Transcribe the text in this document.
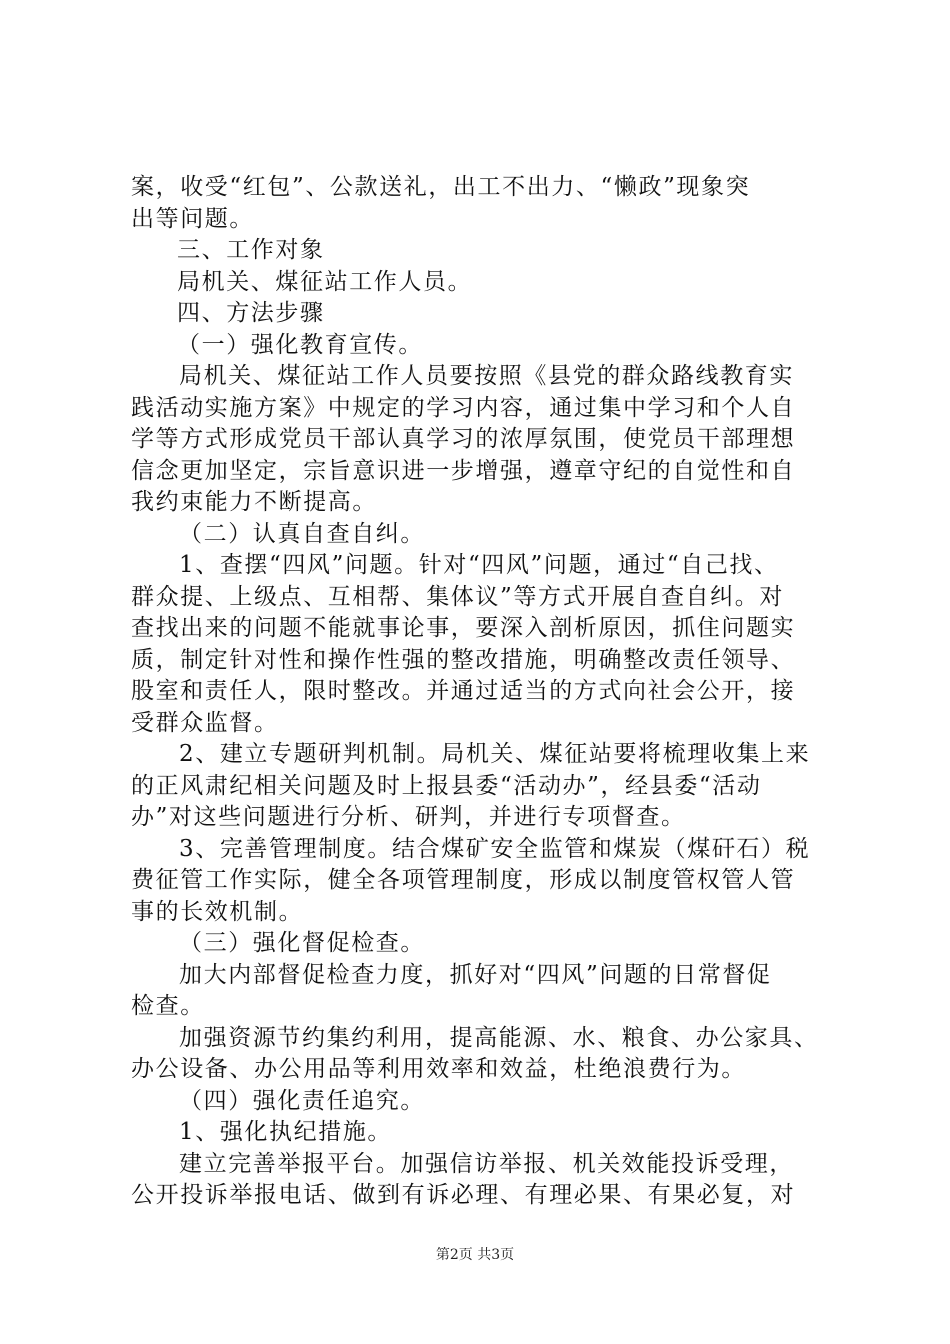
案，收受“红包”、公款送礼，出工不出力、“懒政”现象突
出等问题。
三、工作对象
局机关、煤征站工作人员。
四、方法步骤
（一）强化教育宣传。
局机关、煤征站工作人员要按照《县党的群众路线教育实
践活动实施方案》中规定的学习内容，通过集中学习和个人自
学等方式形成党员干部认真学习的浓厚氛围，使党员干部理想
信念更加坚定，宗旨意识进一步增强，遵章守纪的自觉性和自
我约束能力不断提高。
（二）认真自查自纠。
1、查摆“四风”问题。针对“四风”问题，通过“自己找、
群众提、上级点、互相帮、集体议”等方式开展自查自纠。对
查找出来的问题不能就事论事，要深入剖析原因，抓住问题实
质，制定针对性和操作性强的整改措施，明确整改责任领导、
股室和责任人，限时整改。并通过适当的方式向社会公开，接
受群众监督。
2、建立专题研判机制。局机关、煤征站要将梳理收集上来
的正风肃纪相关问题及时上报县委“活动办”，经县委“活动
办”对这些问题进行分析、研判，并进行专项督查。
3、完善管理制度。结合煤矿安全监管和煤炭（煤矸石）税
费征管工作实际，健全各项管理制度，形成以制度管权管人管
事的长效机制。
（三）强化督促检查。
加大内部督促检查力度，抓好对“四风”问题的日常督促
检查。
加强资源节约集约利用，提高能源、水、粮食、办公家具、
办公设备、办公用品等利用效率和效益，杜绝浪费行为。
（四）强化责任追究。
1、强化执纪措施。
建立完善举报平台。加强信访举报、机关效能投诉受理，
公开投诉举报电话、做到有诉必理、有理必果、有果必复，对
第2页 共3页
